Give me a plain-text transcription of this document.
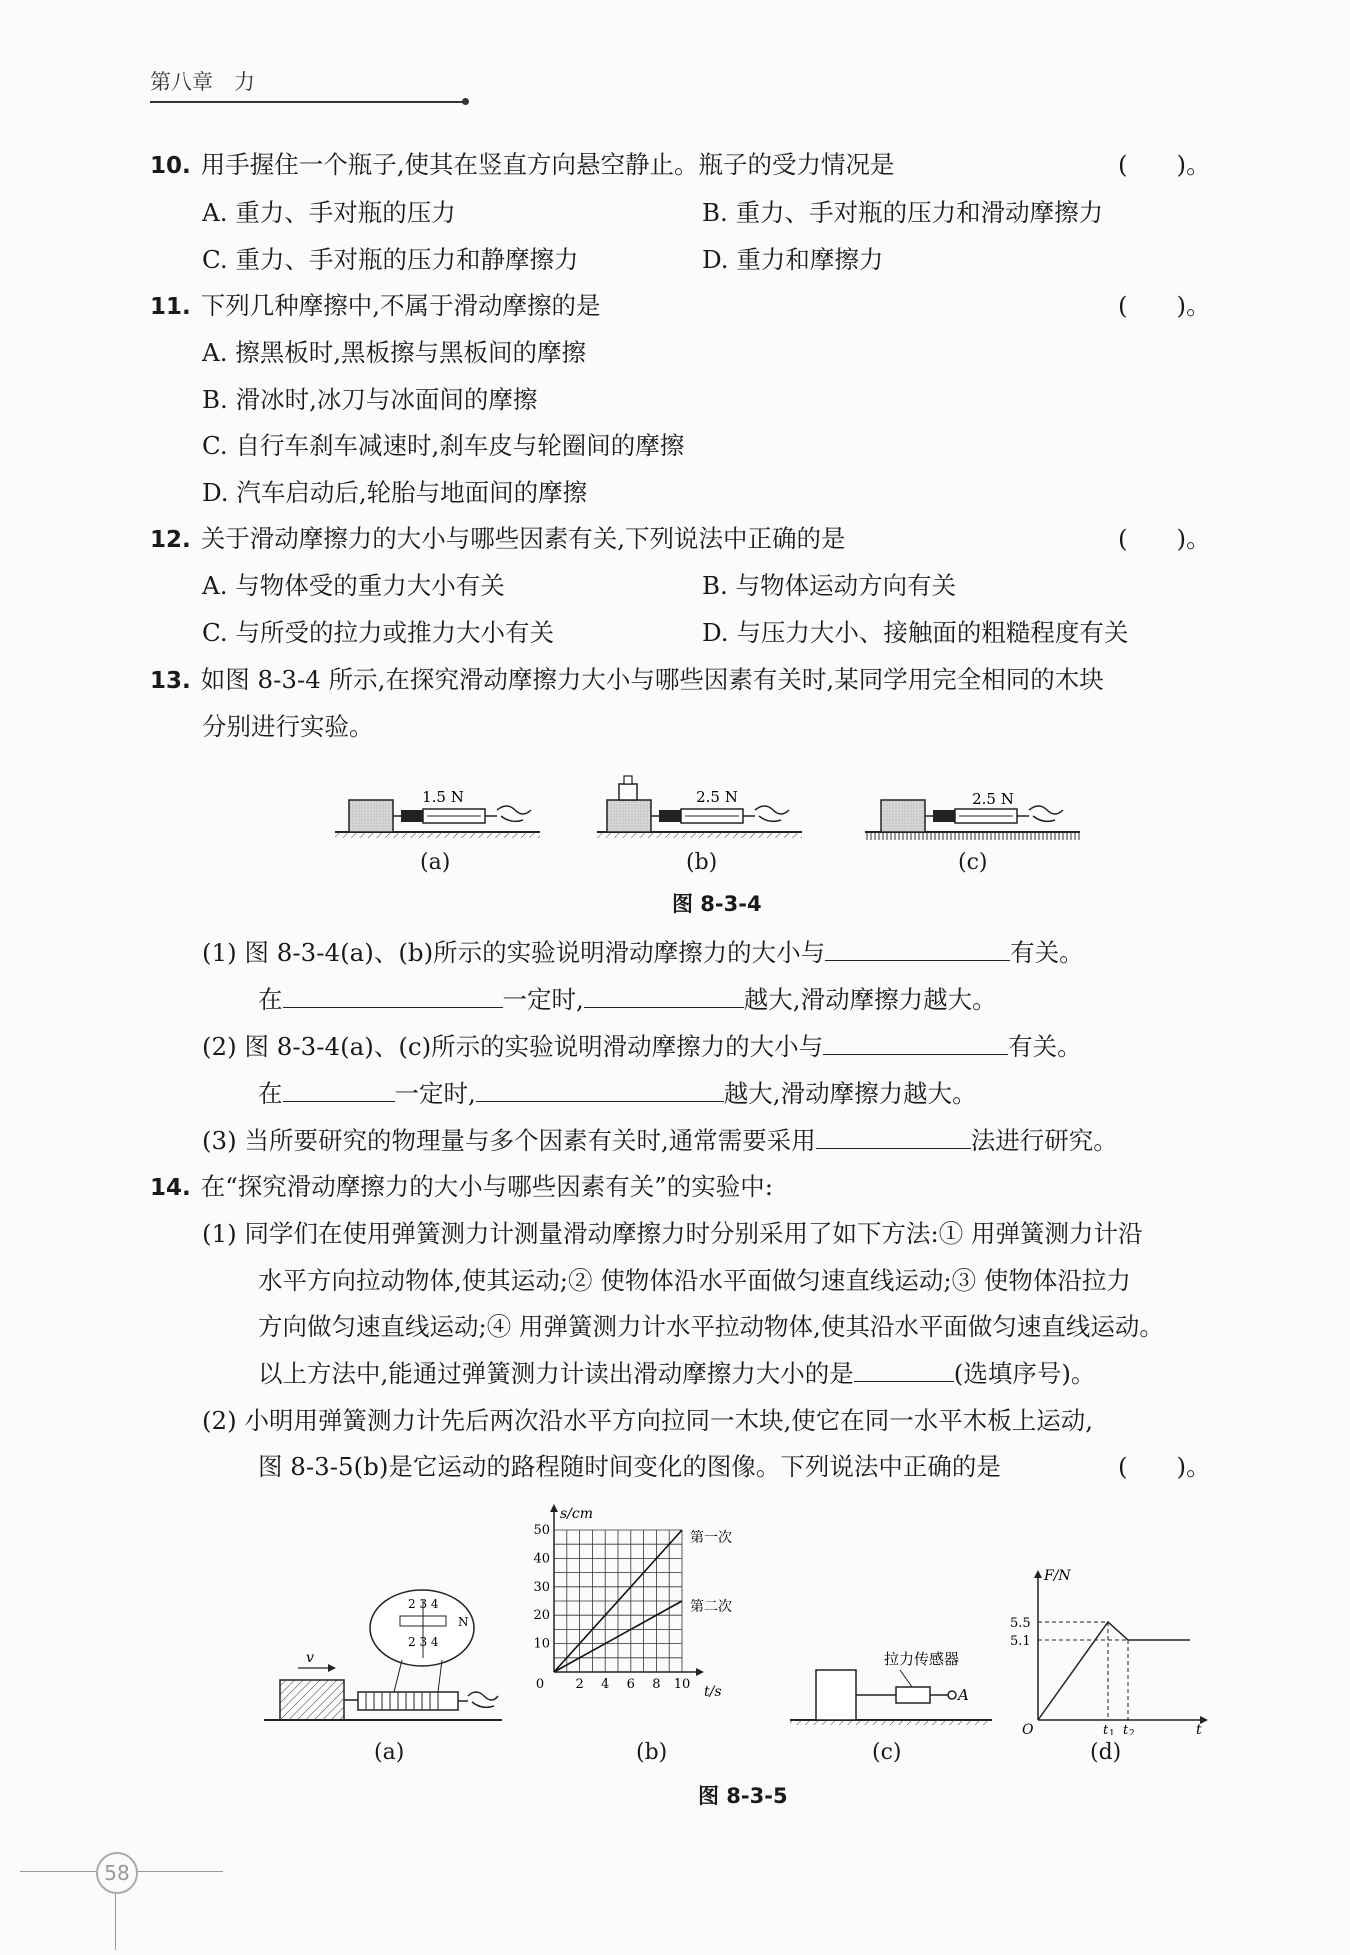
第八章　力
10. 用手握住一个瓶子,使其在竖直方向悬空静止。瓶子的受力情况是	(　　)。
A. 重力、手对瓶的压力	B. 重力、手对瓶的压力和滑动摩擦力
C. 重力、手对瓶的压力和静摩擦力	D. 重力和摩擦力
11. 下列几种摩擦中,不属于滑动摩擦的是	(　　)。
A. 擦黑板时,黑板擦与黑板间的摩擦
B. 滑冰时,冰刀与冰面间的摩擦
C. 自行车刹车减速时,刹车皮与轮圈间的摩擦
D. 汽车启动后,轮胎与地面间的摩擦
12. 关于滑动摩擦力的大小与哪些因素有关,下列说法中正确的是	(　　)。
A. 与物体受的重力大小有关	B. 与物体运动方向有关
C. 与所受的拉力或推力大小有关	D. 与压力大小、接触面的粗糙程度有关
13. 如图 8-3-4 所示,在探究滑动摩擦力大小与哪些因素有关时,某同学用完全相同的木块
分别进行实验。
1.5 N	2.5 N	2.5 N
(a)	(b)	(c)
图 8-3-4
(1) 图 8-3-4(a)、(b)所示的实验说明滑动摩擦力的大小与	有关。
在	一定时,	越大,滑动摩擦力越大。
(2) 图 8-3-4(a)、(c)所示的实验说明滑动摩擦力的大小与	有关。
在	一定时,	越大,滑动摩擦力越大。
(3) 当所要研究的物理量与多个因素有关时,通常需要采用	法进行研究。
14. 在“探究滑动摩擦力的大小与哪些因素有关”的实验中:
(1) 同学们在使用弹簧测力计测量滑动摩擦力时分别采用了如下方法:① 用弹簧测力计沿
水平方向拉动物体,使其运动;② 使物体沿水平面做匀速直线运动;③ 使物体沿拉力
方向做匀速直线运动;④ 用弹簧测力计水平拉动物体,使其沿水平面做匀速直线运动。
以上方法中,能通过弹簧测力计读出滑动摩擦力大小的是	(选填序号)。
(2) 小明用弹簧测力计先后两次沿水平方向拉同一木块,使它在同一水平木板上运动,
图 8-3-5(b)是它运动的路程随时间变化的图像。下列说法中正确的是	(　　)。
2 3 4
2 3 4
N
v
(a)
0 2 4 6 8 10
10
20
30
40
50
s/cm
t/s
第一次
第二次
(b)
拉力传感器
A
(c)
F/N
5.5
5.1
O	t 1 t 2	t
(d)
图 8-3-5
58
